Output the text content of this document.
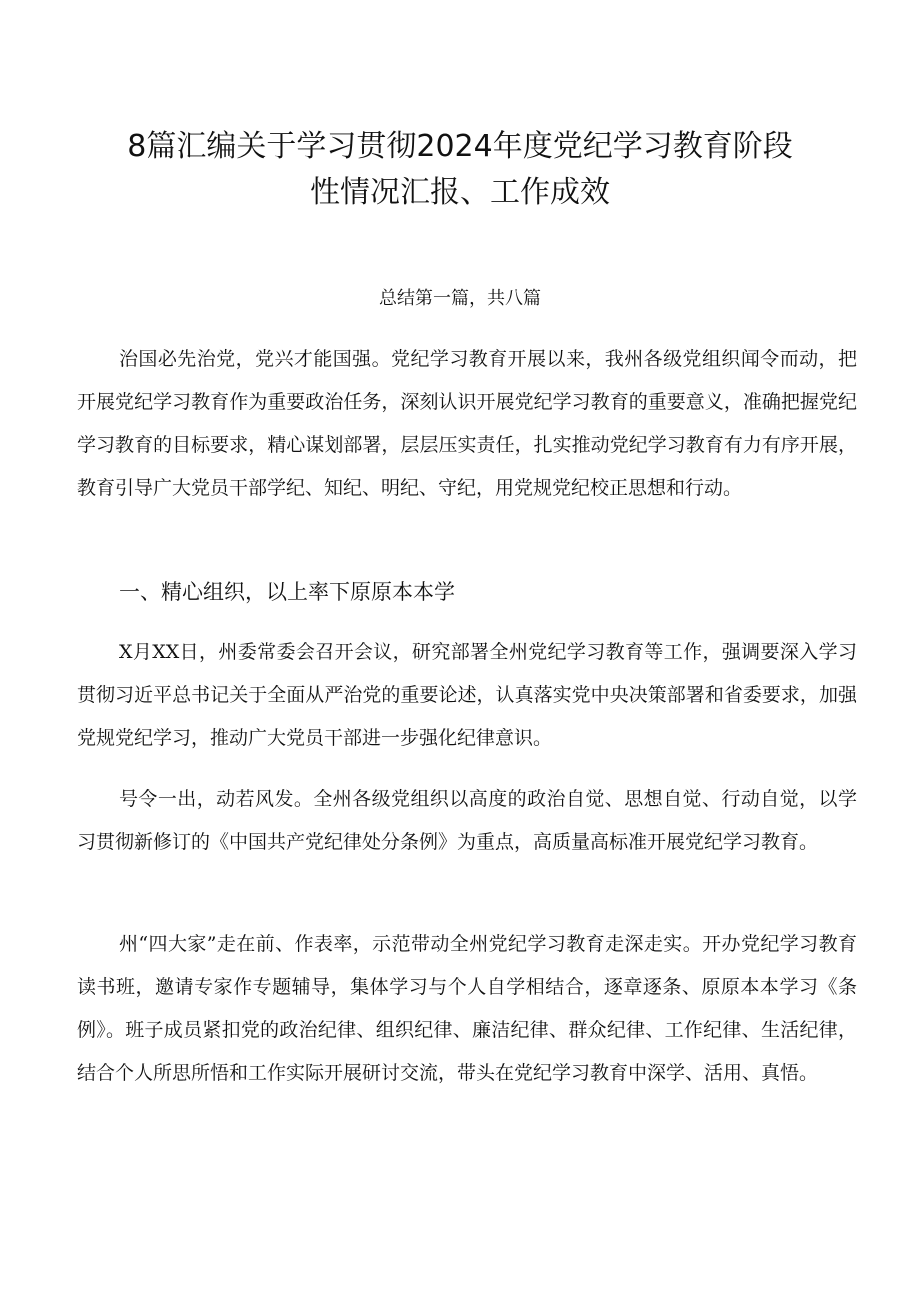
8篇汇编关于学习贯彻2024年度党纪学习教育阶段
性情况汇报、工作成效
总结第一篇，共八篇

治国必先治党，党兴才能国强。党纪学习教育开展以来，我州各级党组织闻令而动，把开展党纪学习教育作为重要政治任务，深刻认识开展党纪学习教育的重要意义，准确把握党纪学习教育的目标要求，精心谋划部署，层层压实责任，扎实推动党纪学习教育有力有序开展，教育引导广大党员干部学纪、知纪、明纪、守纪，用党规党纪校正思想和行动。

一、精心组织，以上率下原原本本学

X月XX日，州委常委会召开会议，研究部署全州党纪学习教育等工作，强调要深入学习贯彻习近平总书记关于全面从严治党的重要论述，认真落实党中央决策部署和省委要求，加强党规党纪学习，推动广大党员干部进一步强化纪律意识。

号令一出，动若风发。全州各级党组织以高度的政治自觉、思想自觉、行动自觉，以学习贯彻新修订的《中国共产党纪律处分条例》为重点，高质量高标准开展党纪学习教育。

州“四大家”走在前、作表率，示范带动全州党纪学习教育走深走实。开办党纪学习教育读书班，邀请专家作专题辅导，集体学习与个人自学相结合，逐章逐条、原原本本学习《条例》。班子成员紧扣党的政治纪律、组织纪律、廉洁纪律、群众纪律、工作纪律、生活纪律，结合个人所思所悟和工作实际开展研讨交流，带头在党纪学习教育中深学、活用、真悟。
